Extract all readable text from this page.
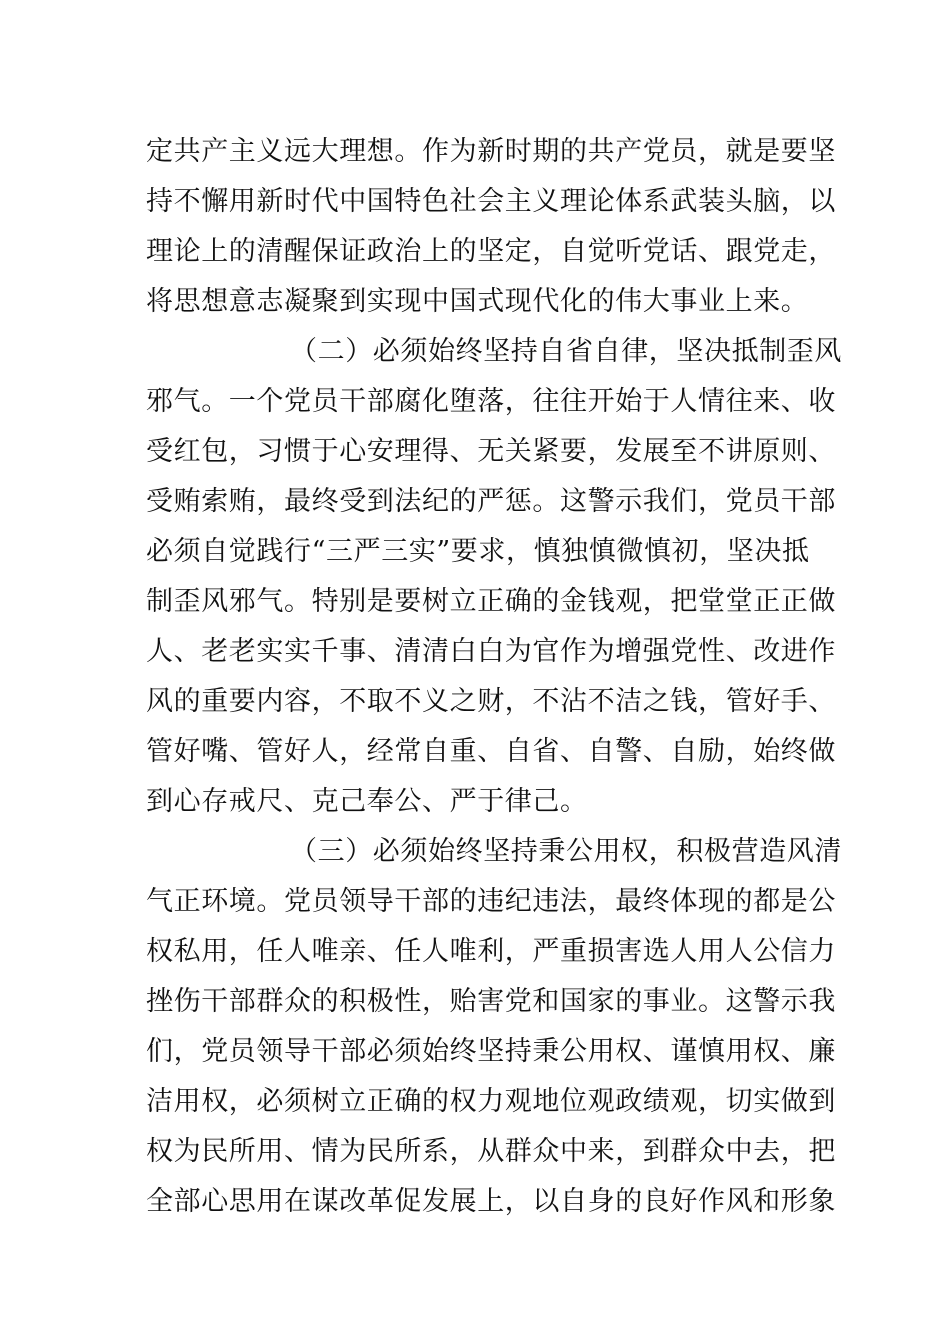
定共产主义远大理想。作为新时期的共产党员，就是要坚
持不懈用新时代中国特色社会主义理论体系武装头脑，以
理论上的清醒保证政治上的坚定，自觉听党话、跟党走，
将思想意志凝聚到实现中国式现代化的伟大事业上来。
（二）必须始终坚持自省自律，坚决抵制歪风
邪气。一个党员干部腐化堕落，往往开始于人情往来、收
受红包，习惯于心安理得、无关紧要，发展至不讲原则、
受贿索贿，最终受到法纪的严惩。这警示我们，党员干部
必须自觉践行“三严三实”要求，慎独慎微慎初，坚决抵
制歪风邪气。特别是要树立正确的金钱观，把堂堂正正做
人、老老实实千事、清清白白为官作为增强党性、改进作
风的重要内容，不取不义之财，不沾不洁之钱，管好手、
管好嘴、管好人，经常自重、自省、自警、自励，始终做
到心存戒尺、克己奉公、严于律己。
（三）必须始终坚持秉公用权，积极营造风清
气正环境。党员领导干部的违纪违法，最终体现的都是公
权私用，任人唯亲、任人唯利，严重损害选人用人公信力
挫伤干部群众的积极性，贻害党和国家的事业。这警示我
们，党员领导干部必须始终坚持秉公用权、谨慎用权、廉
洁用权，必须树立正确的权力观地位观政绩观，切实做到
权为民所用、情为民所系，从群众中来，到群众中去，把
全部心思用在谋改革促发展上，以自身的良好作风和形象
